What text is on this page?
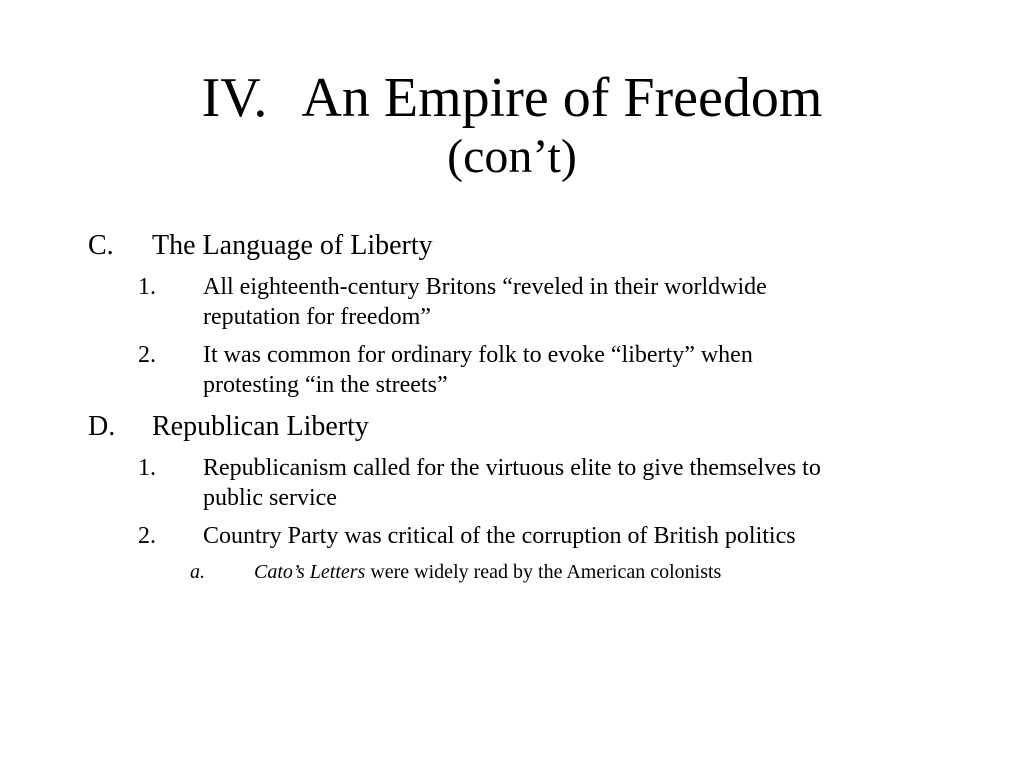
IV. An Empire of Freedom
(con’t)
C. The Language of Liberty
1. All eighteenth-century Britons “reveled in their worldwide
reputation for freedom”
2. It was common for ordinary folk to evoke “liberty” when
protesting “in the streets”
D. Republican Liberty
1. Republicanism called for the virtuous elite to give themselves to
public service
2. Country Party was critical of the corruption of British politics
a. Cato’s Letters were widely read by the American colonists
